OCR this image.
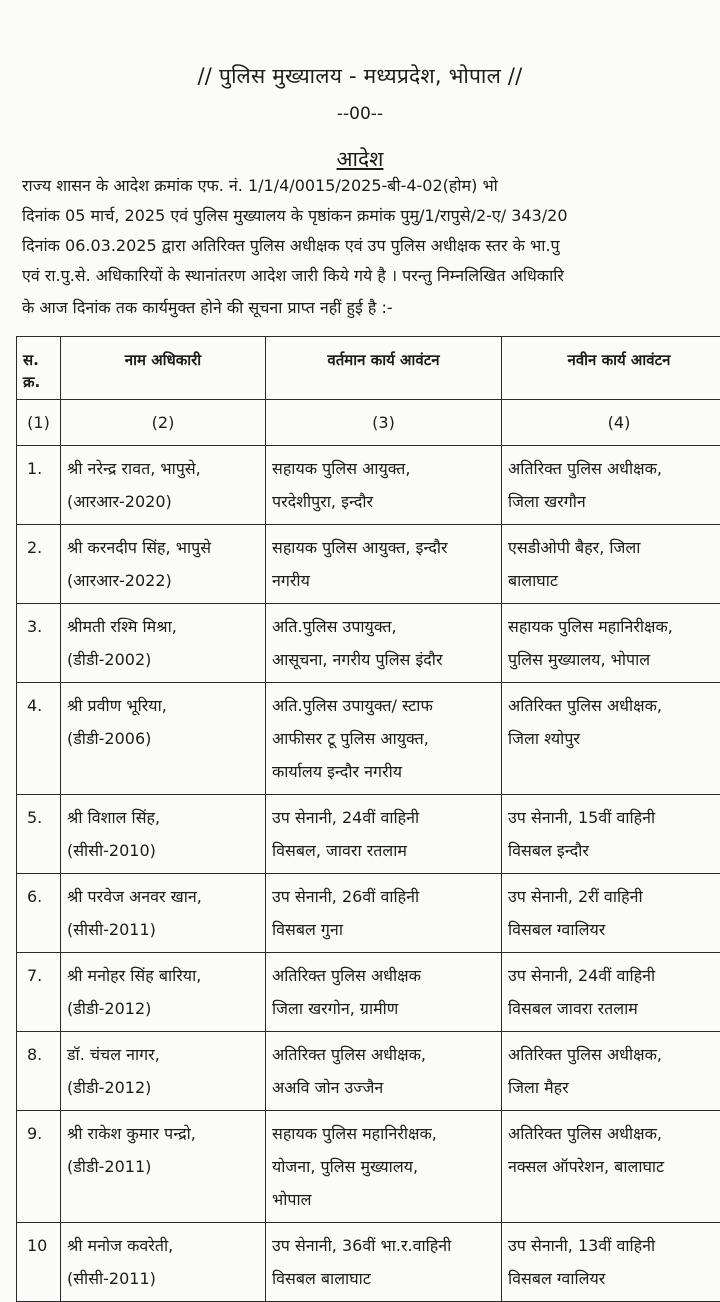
// पुलिस मुख्यालय - मध्यप्रदेश, भोपाल //
--00--
आदेश
राज्य शासन के आदेश क्रमांक एफ. नं. 1/1/4/0015/2025-बी-4-02(होम) भो
दिनांक 05 मार्च, 2025 एवं पुलिस मुख्यालय के पृष्ठांकन क्रमांक पुमु/1/रापुसे/2-ए/ 343/20
दिनांक 06.03.2025 द्वारा अतिरिक्त पुलिस अधीक्षक एवं उप पुलिस अधीक्षक स्तर के भा.पु
एवं रा.पु.से. अधिकारियों के स्थानांतरण आदेश जारी किये गये है । परन्तु निम्नलिखित अधिकारि
के आज दिनांक तक कार्यमुक्त होने की सूचना प्राप्त नहीं हुई है :-
स. क्र.	नाम अधिकारी	वर्तमान कार्य आवंटन	नवीन कार्य आवंटन
(1)	(2)	(3)	(4)
1.	श्री नरेन्द्र रावत, भापुसे,
(आरआर-2020)	सहायक पुलिस आयुक्त,
परदेशीपुरा, इन्दौर	अतिरिक्त पुलिस अधीक्षक,
जिला खरगौन

2.	श्री करनदीप सिंह, भापुसे
(आरआर-2022)	सहायक पुलिस आयुक्त, इन्दौर
नगरीय	एसडीओपी बैहर, जिला
बालाघाट

3.	श्रीमती रश्मि मिश्रा,
(डीडी-2002)	अति.पुलिस उपायुक्त,
आसूचना, नगरीय पुलिस इंदौर	सहायक पुलिस महानिरीक्षक,
पुलिस मुख्यालय, भोपाल

4.	श्री प्रवीण भूरिया,
(डीडी-2006)	अति.पुलिस उपायुक्त/ स्टाफ
आफीसर टू पुलिस आयुक्त,
कार्यालय इन्दौर नगरीय	अतिरिक्त पुलिस अधीक्षक,
जिला श्योपुर

5.	श्री विशाल सिंह,
(सीसी-2010)	उप सेनानी, 24वीं वाहिनी
विसबल, जावरा रतलाम	उप सेनानी, 15वीं वाहिनी
विसबल इन्दौर

6.	श्री परवेज अनवर खान,
(सीसी-2011)	उप सेनानी, 26वीं वाहिनी
विसबल गुना	उप सेनानी, 2रीं वाहिनी
विसबल ग्वालियर

7.	श्री मनोहर सिंह बारिया,
(डीडी-2012)	अतिरिक्त पुलिस अधीक्षक
जिला खरगोन, ग्रामीण	उप सेनानी, 24वीं वाहिनी
विसबल जावरा रतलाम

8.	डॉ. चंचल नागर,
(डीडी-2012)	अतिरिक्त पुलिस अधीक्षक,
अअवि जोन उज्जैन	अतिरिक्त पुलिस अधीक्षक,
जिला मैहर

9.	श्री राकेश कुमार पन्द्रो,
(डीडी-2011)	सहायक पुलिस महानिरीक्षक,
योजना, पुलिस मुख्यालय,
भोपाल	अतिरिक्त पुलिस अधीक्षक,
नक्सल ऑपरेशन, बालाघाट

10	श्री मनोज कवरेती,
(सीसी-2011)	उप सेनानी, 36वीं भा.र.वाहिनी
विसबल बालाघाट	उप सेनानी, 13वीं वाहिनी
विसबल ग्वालियर
